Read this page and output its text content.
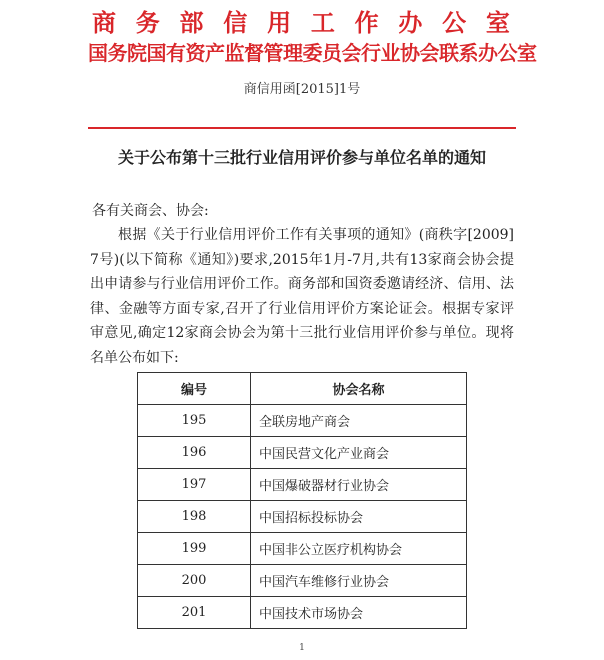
商 务 部 信 用 工 作 办 公 室
国务院国有资产监督管理委员会行业协会联系办公室
商信用函[2015]1号
关于公布第十三批行业信用评价参与单位名单的通知
各有关商会、协会:

根据《关于行业信用评价工作有关事项的通知》(商秩字[2009]7号)(以下简称《通知》)要求,2015年1月-7月,共有13家商会协会提出申请参与行业信用评价工作。商务部和国资委邀请经济、信用、法律、金融等方面专家,召开了行业信用评价方案论证会。根据专家评审意见,确定12家商会协会为第十三批行业信用评价参与单位。现将名单公布如下:

编号	协会名称
195	全联房地产商会
196	中国民营文化产业商会
197	中国爆破器材行业协会
198	中国招标投标协会
199	中国非公立医疗机构协会
200	中国汽车维修行业协会
201	中国技术市场协会
1
